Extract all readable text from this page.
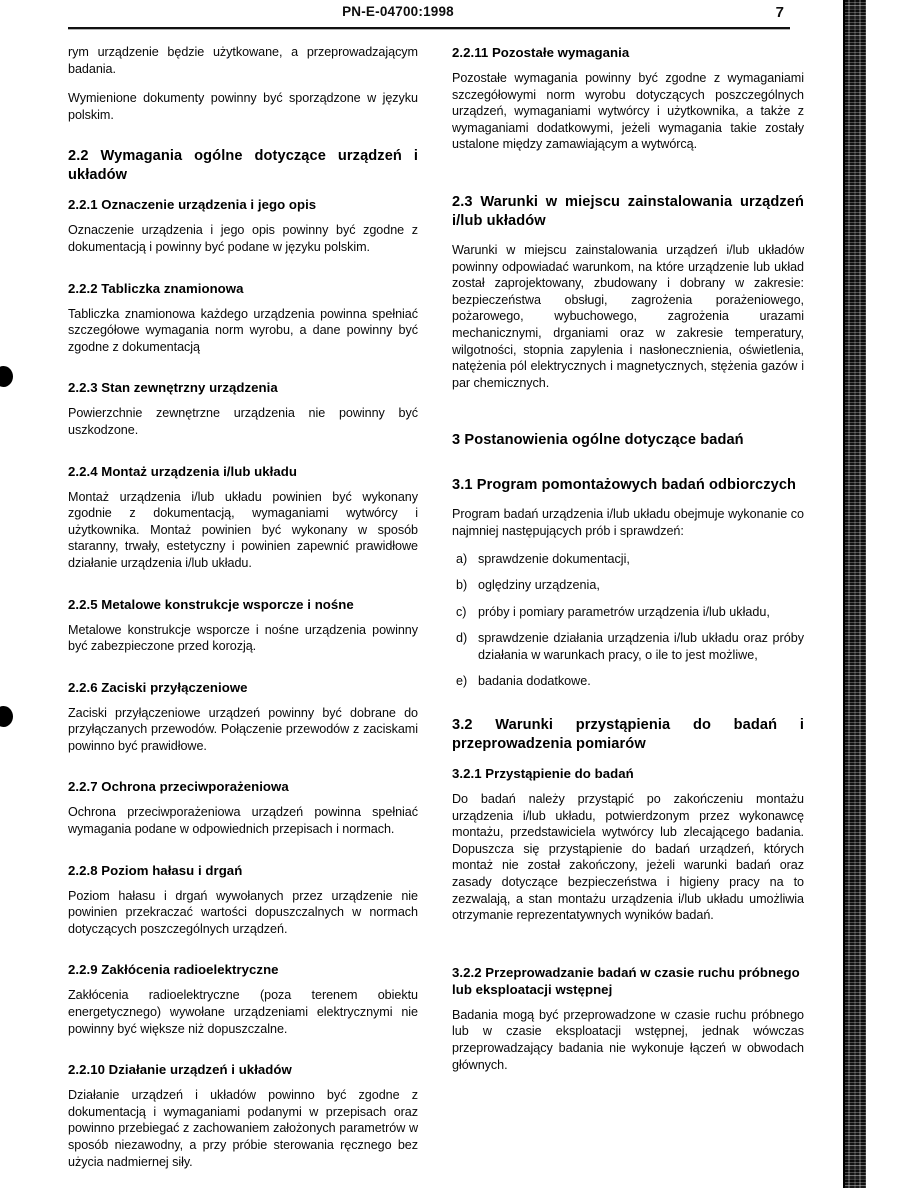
PN-E-04700:1998	7

rym urządzenie będzie użytkowane, a przeprowadzającym badania.

Wymienione dokumenty powinny być sporządzone w języku polskim.

2.2 Wymagania ogólne dotyczące urządzeń i układów
2.2.1 Oznaczenie urządzenia i jego opis

Oznaczenie urządzenia i jego opis powinny być zgodne z dokumentacją i powinny być podane w języku polskim.

2.2.2 Tabliczka znamionowa

Tabliczka znamionowa każdego urządzenia powinna spełniać szczegółowe wymagania norm wyrobu, a dane powinny być zgodne z dokumentacją

2.2.3 Stan zewnętrzny urządzenia

Powierzchnie zewnętrzne urządzenia nie powinny być uszkodzone.

2.2.4 Montaż urządzenia i/lub układu

Montaż urządzenia i/lub układu powinien być wykonany zgodnie z dokumentacją, wymaganiami wytwórcy i użytkownika. Montaż powinien być wykonany w sposób staranny, trwały, estetyczny i powinien zapewnić prawidłowe działanie urządzenia i/lub układu.

2.2.5 Metalowe konstrukcje wsporcze i nośne

Metalowe konstrukcje wsporcze i nośne urządzenia powinny być zabezpieczone przed korozją.

2.2.6 Zaciski przyłączeniowe

Zaciski przyłączeniowe urządzeń powinny być dobrane do przyłączanych przewodów. Połączenie przewodów z zaciskami powinno być prawidłowe.

2.2.7 Ochrona przeciwporażeniowa

Ochrona przeciwporażeniowa urządzeń powinna spełniać wymagania podane w odpowiednich przepisach i normach.

2.2.8 Poziom hałasu i drgań

Poziom hałasu i drgań wywołanych przez urządzenie nie powinien przekraczać wartości dopuszczalnych w normach dotyczących poszczególnych urządzeń.

2.2.9 Zakłócenia radioelektryczne

Zakłócenia radioelektryczne (poza terenem obiektu energetycznego) wywołane urządzeniami elektrycznymi nie powinny być większe niż dopuszczalne.

2.2.10 Działanie urządzeń i układów

Działanie urządzeń i układów powinno być zgodne z dokumentacją i wymaganiami podanymi w przepisach oraz powinno przebiegać z zachowaniem założonych parametrów w sposób niezawodny, a przy próbie sterowania ręcznego bez użycia nadmiernej siły.

2.2.11 Pozostałe wymagania

Pozostałe wymagania powinny być zgodne z wymaganiami szczegółowymi norm wyrobu dotyczących poszczególnych urządzeń, wymaganiami wytwórcy i użytkownika, a także z wymaganiami dodatkowymi, jeżeli wymagania takie zostały ustalone między zamawiającym a wytwórcą.

2.3 Warunki w miejscu zainstalowania urządzeń i/lub układów

Warunki w miejscu zainstalowania urządzeń i/lub układów powinny odpowiadać warunkom, na które urządzenie lub układ został zaprojektowany, zbudowany i dobrany w zakresie: bezpieczeństwa obsługi, zagrożenia porażeniowego, pożarowego, wybuchowego, zagrożenia urazami mechanicznymi, drganiami oraz w zakresie temperatury, wilgotności, stopnia zapylenia i nasłonecznienia, oświetlenia, natężenia pól elektrycznych i magnetycznych, stężenia gazów i par chemicznych.

3 Postanowienia ogólne dotyczące badań
3.1 Program pomontażowych badań odbiorczych

Program badań urządzenia i/lub układu obejmuje wykonanie co najmniej następujących prób i sprawdzeń:

a) sprawdzenie dokumentacji,
b) oględziny urządzenia,
c) próby i pomiary parametrów urządzenia i/lub układu,
d) sprawdzenie działania urządzenia i/lub układu oraz próby działania w warunkach pracy, o ile to jest możliwe,
e) badania dodatkowe.
3.2 Warunki przystąpienia do badań i przeprowadzenia pomiarów
3.2.1 Przystąpienie do badań

Do badań należy przystąpić po zakończeniu montażu urządzenia i/lub układu, potwierdzonym przez wykonawcę montażu, przedstawiciela wytwórcy lub zlecającego badania. Dopuszcza się przystąpienie do badań urządzeń, których montaż nie został zakończony, jeżeli warunki badań oraz zasady dotyczące bezpieczeństwa i higieny pracy na to zezwalają, a stan montażu urządzenia i/lub układu umożliwia otrzymanie reprezentatywnych wyników badań.

3.2.2 Przeprowadzanie badań w czasie ruchu próbnego lub eksploatacji wstępnej

Badania mogą być przeprowadzone w czasie ruchu próbnego lub w czasie eksploatacji wstępnej, jednak wówczas przeprowadzający badania nie wykonuje łączeń w obwodach głównych.
